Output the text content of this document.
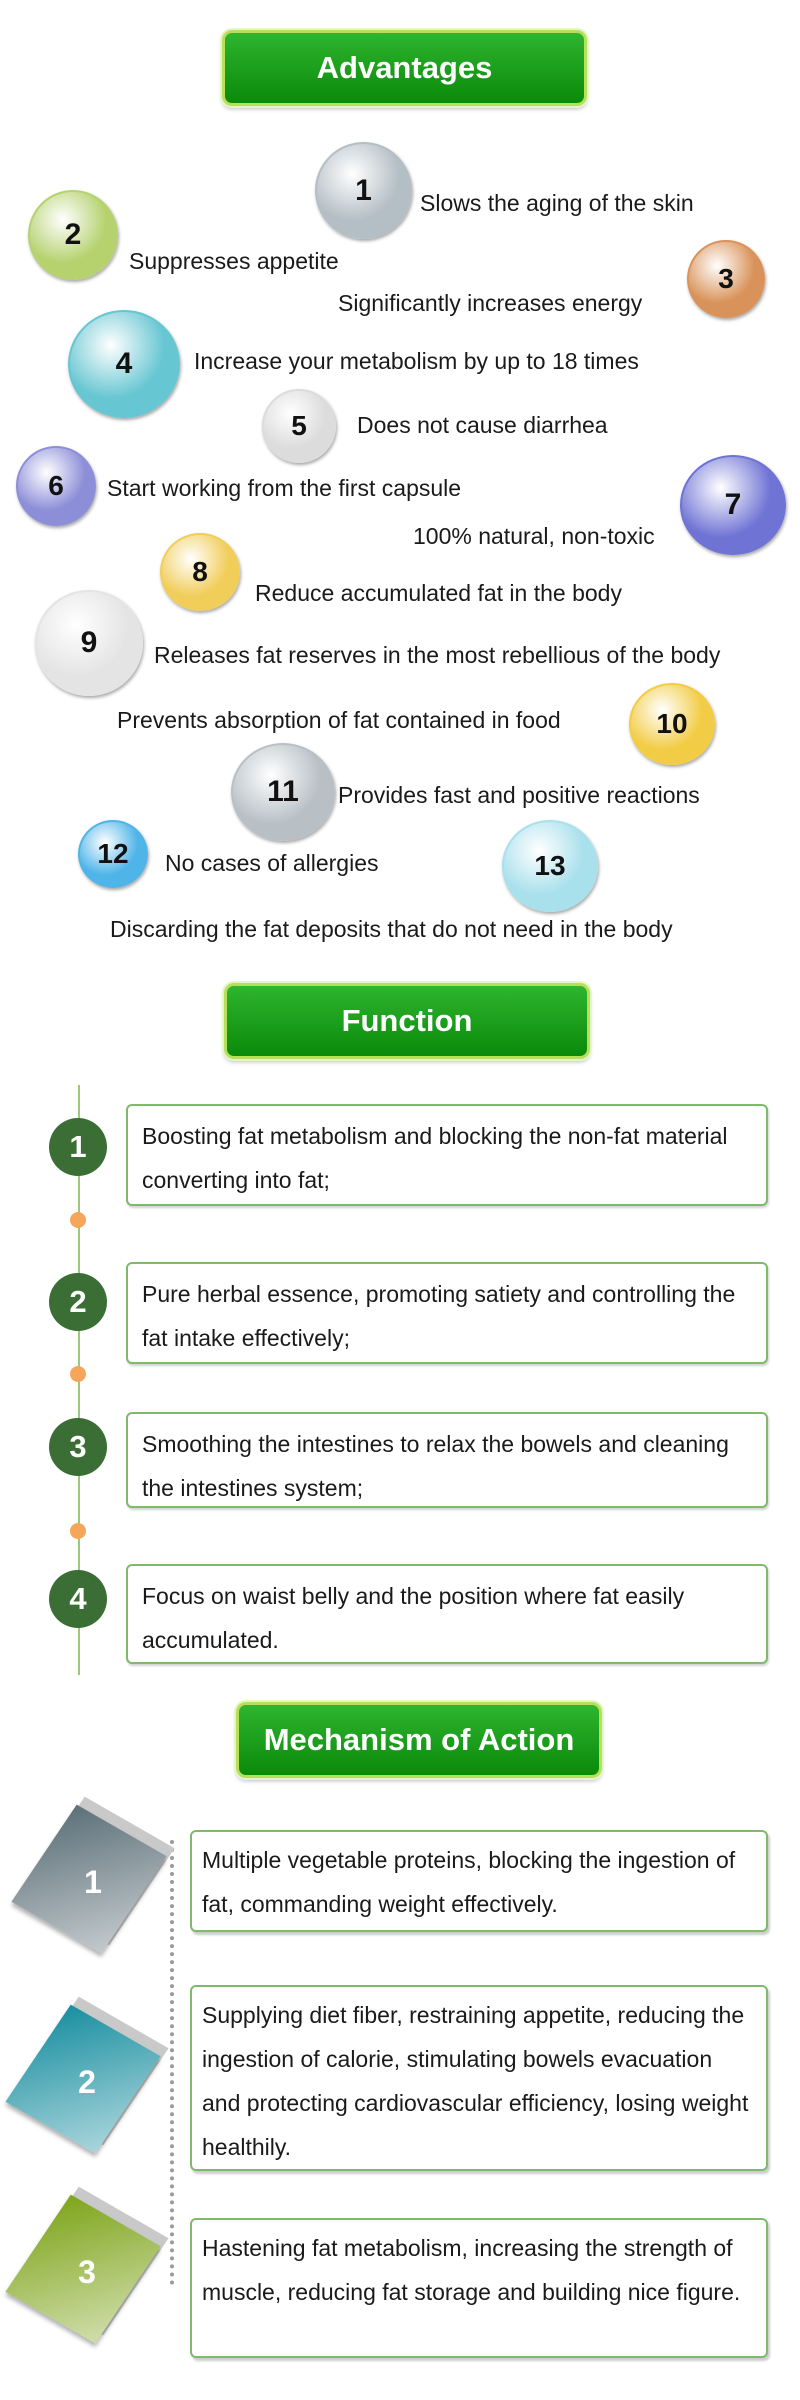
Advantages
1 Slows the aging of the skin
2
Suppresses appetite
3
Significantly increases energy
4	Increase your metabolism by up to 18 times
5 Does not cause diarrhea
6 Start working from the first capsule	7
100% natural, non-toxic
8
Reduce accumulated fat in the body
9 Releases fat reserves in the most rebellious of the body
10
Prevents absorption of fat contained in food
11 Provides fast and positive reactions
12 No cases of allergies	13
Discarding the fat deposits that do not need in the body
Function
1	Boosting fat metabolism and blocking the non-fat material converting into fat;
2	Pure herbal essence, promoting satiety and controlling the fat intake effectively;
3	Smoothing the intestines to relax the bowels and cleaning the intestines system;
4	Focus on waist belly and the position where fat easily accumulated.
Mechanism of Action
1
Multiple vegetable proteins, blocking the ingestion of fat, commanding weight effectively.
2
Supplying diet fiber, restraining appetite, reducing the ingestion of calorie, stimulating bowels evacuation and protecting cardiovascular efficiency, losing weight healthily.
3
Hastening fat metabolism, increasing the strength of muscle, reducing fat storage and building nice figure.
